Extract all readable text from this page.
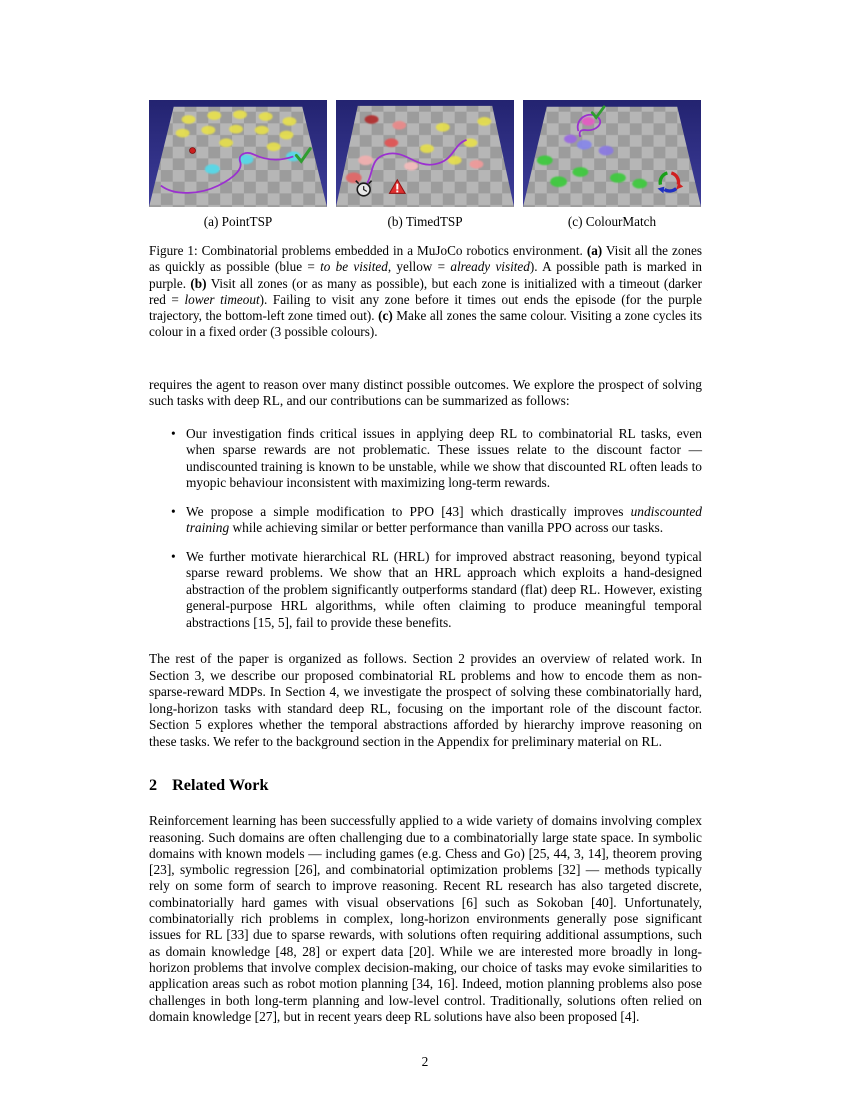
(a) PointTSP	(b) TimedTSP	(c) ColourMatch
Figure 1: Combinatorial problems embedded in a MuJoCo robotics environment. (a) Visit all the zones as quickly as possible (blue = to be visited, yellow = already visited). A possible path is marked in purple. (b) Visit all zones (or as many as possible), but each zone is initialized with a timeout (darker red = lower timeout). Failing to visit any zone before it times out ends the episode (for the purple trajectory, the bottom-left zone timed out). (c) Make all zones the same colour. Visiting a zone cycles its colour in a fixed order (3 possible colours).

requires the agent to reason over many distinct possible outcomes. We explore the prospect of solving such tasks with deep RL, and our contributions can be summarized as follows:

• Our investigation finds critical issues in applying deep RL to combinatorial RL tasks, even when sparse rewards are not problematic. These issues relate to the discount factor — undiscounted training is known to be unstable, while we show that discounted RL often leads to myopic behaviour inconsistent with maximizing long-term rewards.
• We propose a simple modification to PPO [43] which drastically improves undiscounted training while achieving similar or better performance than vanilla PPO across our tasks.
• We further motivate hierarchical RL (HRL) for improved abstract reasoning, beyond typical sparse reward problems. We show that an HRL approach which exploits a hand-designed abstraction of the problem significantly outperforms standard (flat) deep RL. However, existing general-purpose HRL algorithms, while often claiming to produce meaningful temporal abstractions [15, 5], fail to provide these benefits.

The rest of the paper is organized as follows. Section 2 provides an overview of related work. In Section 3, we describe our proposed combinatorial RL problems and how to encode them as non-sparse-reward MDPs. In Section 4, we investigate the prospect of solving these combinatorially hard, long-horizon tasks with standard deep RL, focusing on the important role of the discount factor. Section 5 explores whether the temporal abstractions afforded by hierarchy improve reasoning on these tasks. We refer to the background section in the Appendix for preliminary material on RL.

2 Related Work

Reinforcement learning has been successfully applied to a wide variety of domains involving complex reasoning. Such domains are often challenging due to a combinatorially large state space. In symbolic domains with known models — including games (e.g. Chess and Go) [25, 44, 3, 14], theorem proving [23], symbolic regression [26], and combinatorial optimization problems [32] — methods typically rely on some form of search to improve reasoning. Recent RL research has also targeted discrete, combinatorially hard games with visual observations [6] such as Sokoban [40]. Unfortunately, combinatorially rich problems in complex, long-horizon environments generally pose significant issues for RL [33] due to sparse rewards, with solutions often requiring additional assumptions, such as domain knowledge [48, 28] or expert data [20]. While we are interested more broadly in long-horizon problems that involve complex decision-making, our choice of tasks may evoke similarities to application areas such as robot motion planning [34, 16]. Indeed, motion planning problems also pose challenges in both long-term planning and low-level control. Traditionally, solutions often relied on domain knowledge [27], but in recent years deep RL solutions have also been proposed [4].

2
